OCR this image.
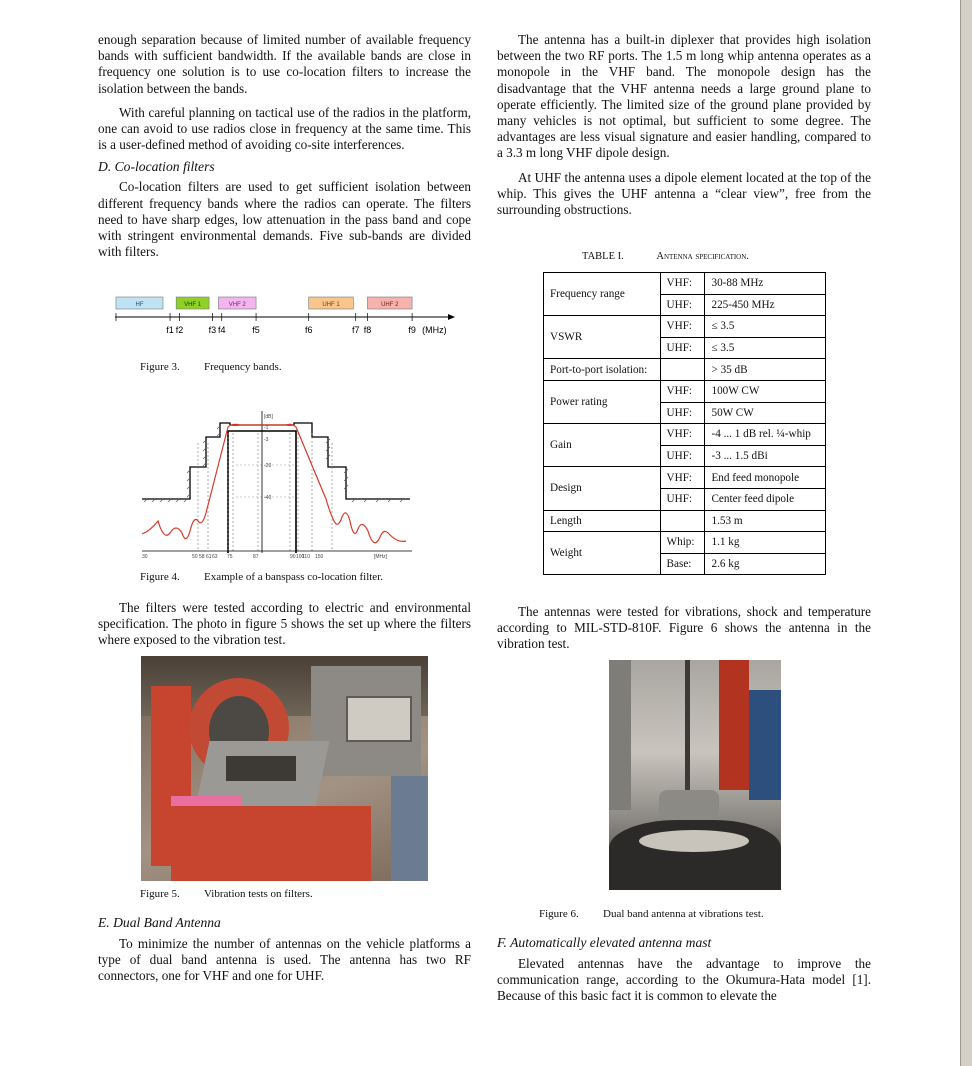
enough separation because of limited number of available frequency bands with sufficient bandwidth. If the available bands are close in frequency one solution is to use co-location filters to increase the isolation between the bands.

With careful planning on tactical use of the radios in the platform, one can avoid to use radios close in frequency at the same time. This is a user-defined method of avoiding co-site interferences.

D. Co-location filters

Co-location filters are used to get sufficient isolation between different frequency bands where the radios can operate. The filters need to have sharp edges, low attenuation in the pass band and cope with stringent environmental demands. Five sub-bands are divided with filters.

HF	VHF 1	VHF 2	UHF 1	UHF 2
f1 f2	f3 f4	f5	f6	f7 f8	f9 (MHz)
Figure 3. Frequency bands.
30	50 58 61 63 75	87	90 100
110 150	[MHz]
-1
-3
-20
-40
[dB]
Figure 4. Example of a banspass co-location filter.

The filters were tested according to electric and environmental specification. The photo in figure 5 shows the set up where the filters where exposed to the vibration test.

Figure 5. Vibration tests on filters.
E. Dual Band Antenna

To minimize the number of antennas on the vehicle platforms a type of dual band antenna is used. The antenna has two RF connectors, one for VHF and one for UHF.

The antenna has a built-in diplexer that provides high isolation between the two RF ports. The 1.5 m long whip antenna operates as a monopole in the VHF band. The monopole design has the disadvantage that the VHF antenna needs a large ground plane to operate efficiently. The limited size of the ground plane provided by many vehicles is not optimal, but sufficient to some degree. The advantages are less visual signature and easier handling, compared to a 3.3 m long VHF dipole design.

At UHF the antenna uses a dipole element located at the top of the whip. This gives the UHF antenna a “clear view”, free from the surrounding obstructions.

TABLE I.	Antenna specification.
Frequency range	VHF:	30-88 MHz
	UHF:	225-450 MHz
VSWR	VHF:	≤ 3.5
	UHF:	≤ 3.5
Port-to-port isolation:		> 35 dB
Power rating	VHF:	100W CW
	UHF:	50W CW
Gain	VHF:	-4 ... 1 dB rel. ¼-whip
	UHF:	-3 ... 1.5 dBi
Design	VHF:	End feed monopole
	UHF:	Center feed dipole
Length		1.53 m
Weight	Whip:	1.1 kg
	Base:	2.6 kg

The antennas were tested for vibrations, shock and temperature according to MIL-STD-810F. Figure 6 shows the antenna in the vibration test.

Figure 6. Dual band antenna at vibrations test.
F. Automatically elevated antenna mast

Elevated antennas have the advantage to improve the communication range, according to the Okumura-Hata model [1]. Because of this basic fact it is common to elevate the
